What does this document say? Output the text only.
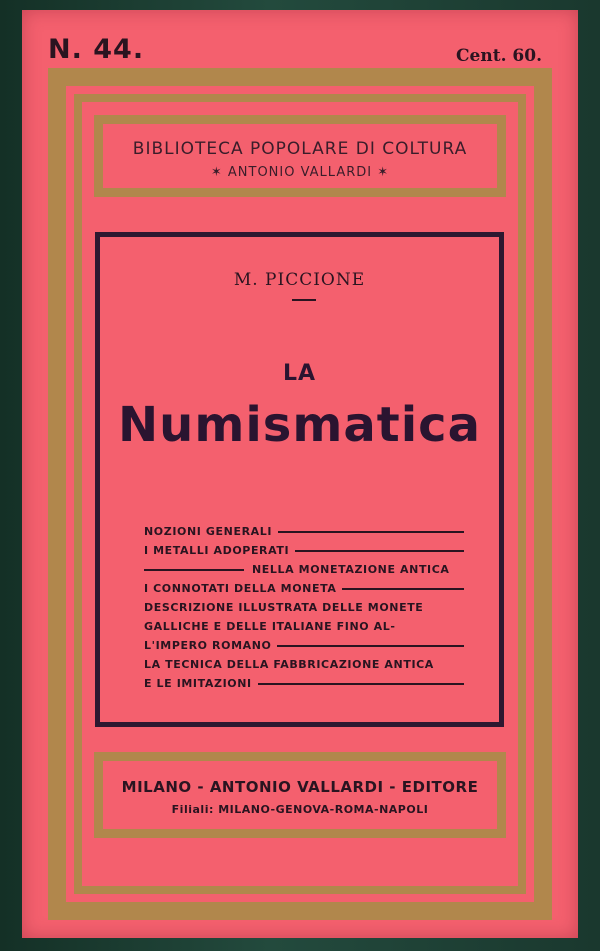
N. 44.	Cent. 60.
BIBLIOTECA POPOLARE DI COLTURA
✶ ANTONIO VALLARDI ✶
M. PICCIONE
LA
Numismatica
NOZIONI GENERALI
I METALLI ADOPERATI
NELLA MONETAZIONE ANTICA
I CONNOTATI DELLA MONETA
DESCRIZIONE ILLUSTRATA DELLE MONETE
GALLICHE E DELLE ITALIANE FINO AL-
L'IMPERO ROMANO
LA TECNICA DELLA FABBRICAZIONE ANTICA
E LE IMITAZIONI
MILANO - ANTONIO VALLARDI - EDITORE
Filiali: MILANO-GENOVA-ROMA-NAPOLI
